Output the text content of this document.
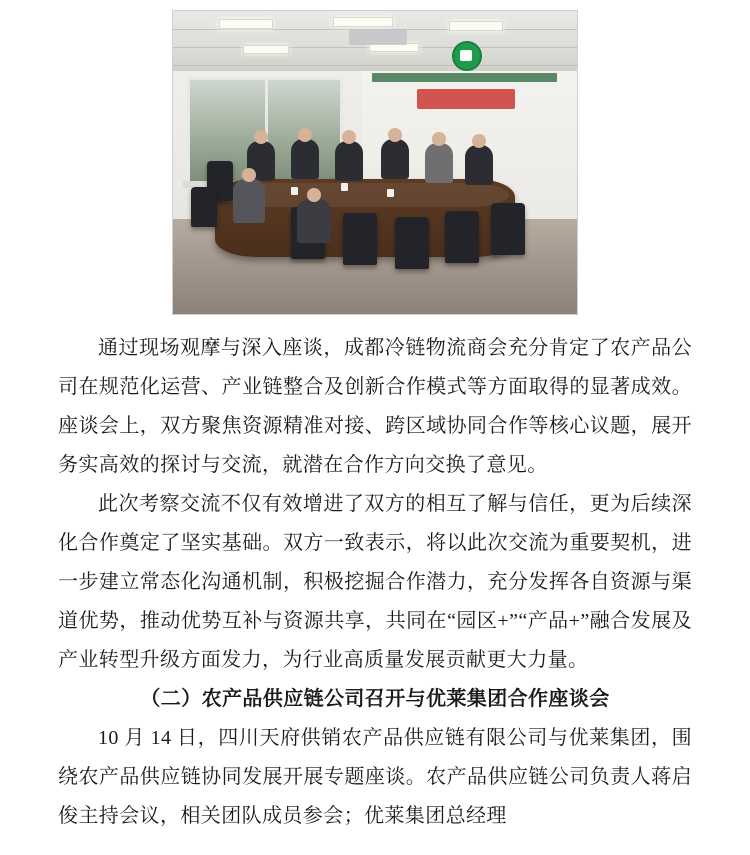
通过现场观摩与深入座谈，成都冷链物流商会充分肯定了农产品公司在规范化运营、产业链整合及创新合作模式等方面取得的显著成效。座谈会上，双方聚焦资源精准对接、跨区域协同合作等核心议题，展开务实高效的探讨与交流，就潜在合作方向交换了意见。

此次考察交流不仅有效增进了双方的相互了解与信任，更为后续深化合作奠定了坚实基础。双方一致表示，将以此次交流为重要契机，进一步建立常态化沟通机制，积极挖掘合作潜力，充分发挥各自资源与渠道优势，推动优势互补与资源共享，共同在“园区+”“产品+”融合发展及产业转型升级方面发力，为行业高质量发展贡献更大力量。

（二）农产品供应链公司召开与优莱集团合作座谈会

10 月 14 日，四川天府供销农产品供应链有限公司与优莱集团，围绕农产品供应链协同发展开展专题座谈。农产品供应链公司负责人蒋启俊主持会议，相关团队成员参会；优莱集团总经理
